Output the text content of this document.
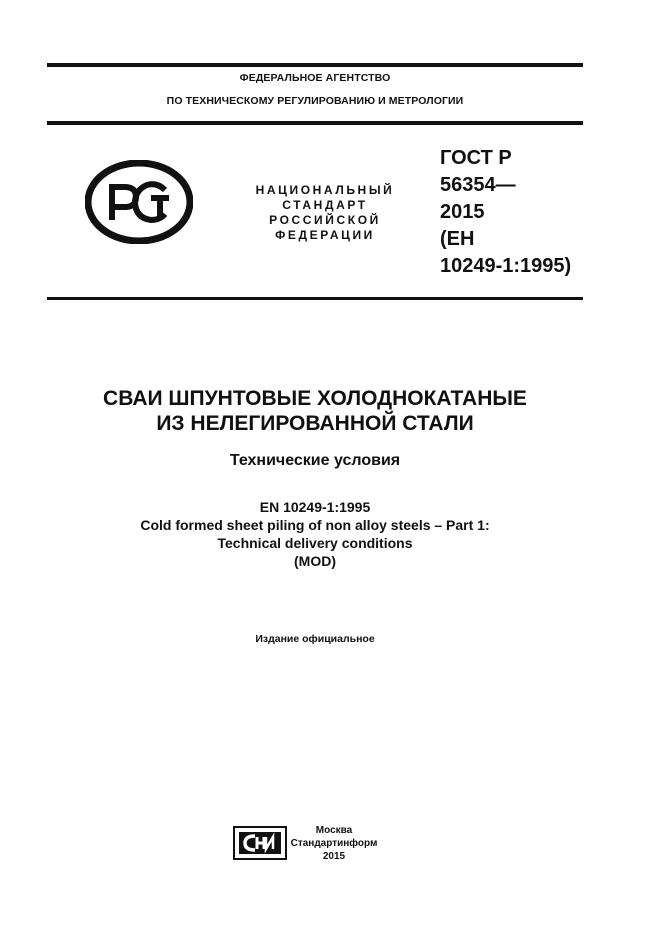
ФЕДЕРАЛЬНОЕ АГЕНТСТВО
ПО ТЕХНИЧЕСКОМУ РЕГУЛИРОВАНИЮ И МЕТРОЛОГИИ
НАЦИОНАЛЬНЫЙ
СТАНДАРТ
РОССИЙСКОЙ
ФЕДЕРАЦИИ
ГОСТ Р
56354—
2015
(ЕН
10249-1:1995)
СВАИ ШПУНТОВЫЕ ХОЛОДНОКАТАНЫЕ
ИЗ НЕЛЕГИРОВАННОЙ СТАЛИ
Технические условия
EN 10249-1:1995
Cold formed sheet piling of non alloy steels – Part 1:
Technical delivery conditions
(MOD)
Издание официальное
Москва
Стандартинформ
2015
